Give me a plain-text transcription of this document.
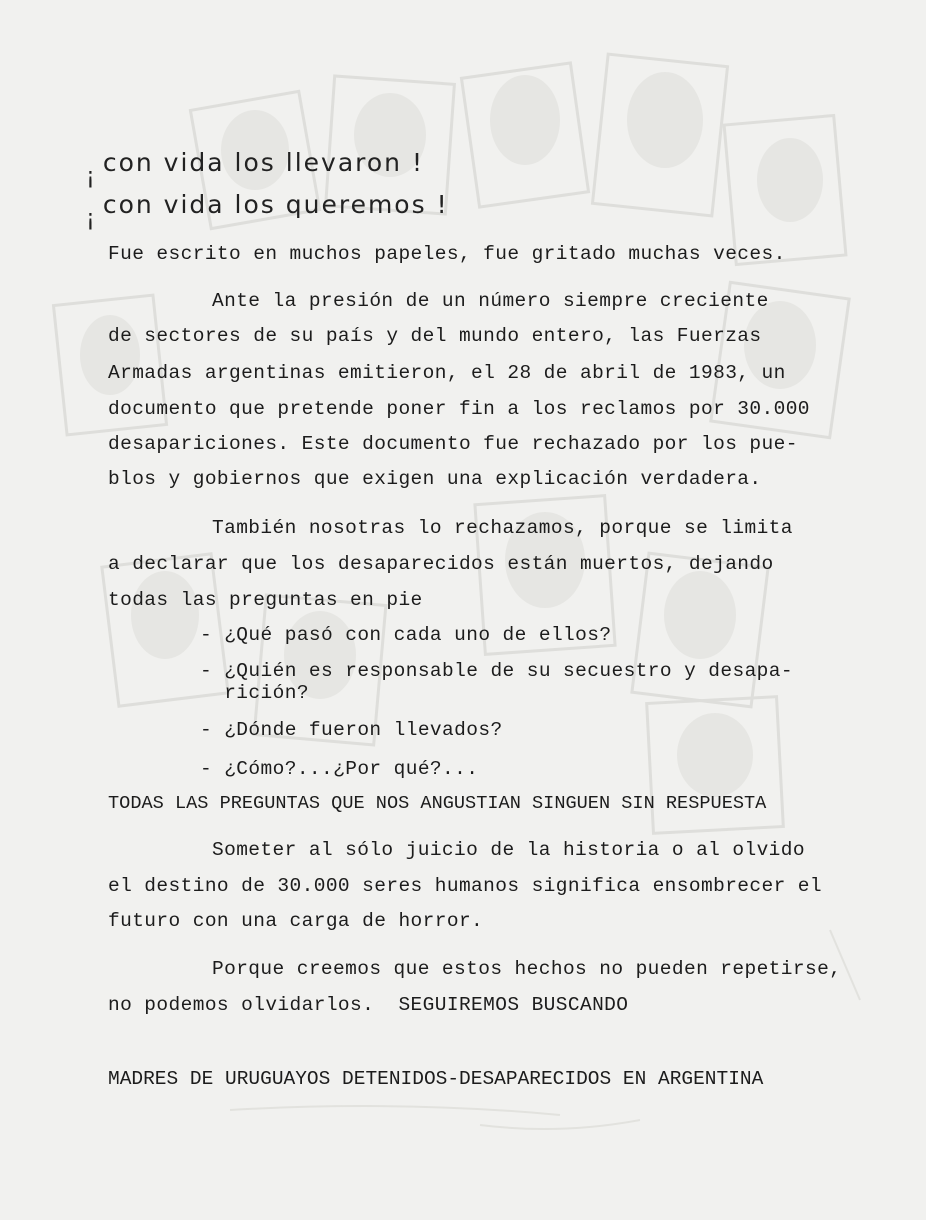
¡ con vida los llevaron !
¡ con vida los queremos !
Fue escrito en muchos papeles, fue gritado muchas veces.
Ante la presión de un número siempre creciente
de sectores de su país y del mundo entero, las Fuerzas
Armadas argentinas emitieron, el 28 de abril de 1983, un
documento que pretende poner fin a los reclamos por 30.000
desapariciones. Este documento fue rechazado por los pue-
blos y gobiernos que exigen una explicación verdadera.
También nosotras lo rechazamos, porque se limita
a declarar que los desaparecidos están muertos, dejando
todas las preguntas en pie
- ¿Qué pasó con cada uno de ellos?
- ¿Quién es responsable de su secuestro y desapa-
rición?
- ¿Dónde fueron llevados?
- ¿Cómo?...¿Por qué?...
TODAS LAS PREGUNTAS QUE NOS ANGUSTIAN SINGUEN SIN RESPUESTA
Someter al sólo juicio de la historia o al olvido
el destino de 30.000 seres humanos significa ensombrecer el
futuro con una carga de horror.
Porque creemos que estos hechos no pueden repetirse,
no podemos olvidarlos.  SEGUIREMOS BUSCANDO
MADRES DE URUGUAYOS DETENIDOS-DESAPARECIDOS EN ARGENTINA
